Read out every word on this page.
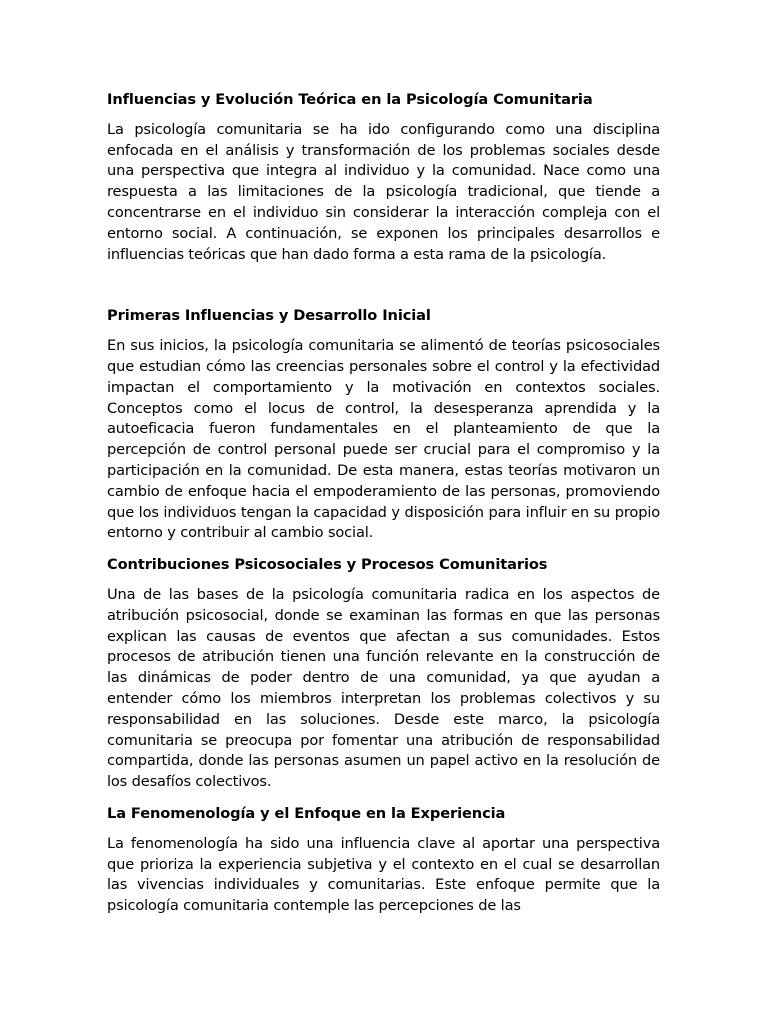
Influencias y Evolución Teórica en la Psicología Comunitaria

La psicología comunitaria se ha ido configurando como una disciplina enfocada en el análisis y transformación de los problemas sociales desde una perspectiva que integra al individuo y la comunidad. Nace como una respuesta a las limitaciones de la psicología tradicional, que tiende a concentrarse en el individuo sin considerar la interacción compleja con el entorno social. A continuación, se exponen los principales desarrollos e influencias teóricas que han dado forma a esta rama de la psicología.

Primeras Influencias y Desarrollo Inicial

En sus inicios, la psicología comunitaria se alimentó de teorías psicosociales que estudian cómo las creencias personales sobre el control y la efectividad impactan el comportamiento y la motivación en contextos sociales. Conceptos como el locus de control, la desesperanza aprendida y la autoeficacia fueron fundamentales en el planteamiento de que la percepción de control personal puede ser crucial para el compromiso y la participación en la comunidad. De esta manera, estas teorías motivaron un cambio de enfoque hacia el empoderamiento de las personas, promoviendo que los individuos tengan la capacidad y disposición para influir en su propio entorno y contribuir al cambio social.

Contribuciones Psicosociales y Procesos Comunitarios

Una de las bases de la psicología comunitaria radica en los aspectos de atribución psicosocial, donde se examinan las formas en que las personas explican las causas de eventos que afectan a sus comunidades. Estos procesos de atribución tienen una función relevante en la construcción de las dinámicas de poder dentro de una comunidad, ya que ayudan a entender cómo los miembros interpretan los problemas colectivos y su responsabilidad en las soluciones. Desde este marco, la psicología comunitaria se preocupa por fomentar una atribución de responsabilidad compartida, donde las personas asumen un papel activo en la resolución de los desafíos colectivos.

La Fenomenología y el Enfoque en la Experiencia

La fenomenología ha sido una influencia clave al aportar una perspectiva que prioriza la experiencia subjetiva y el contexto en el cual se desarrollan las vivencias individuales y comunitarias. Este enfoque permite que la psicología comunitaria contemple las percepciones de las
